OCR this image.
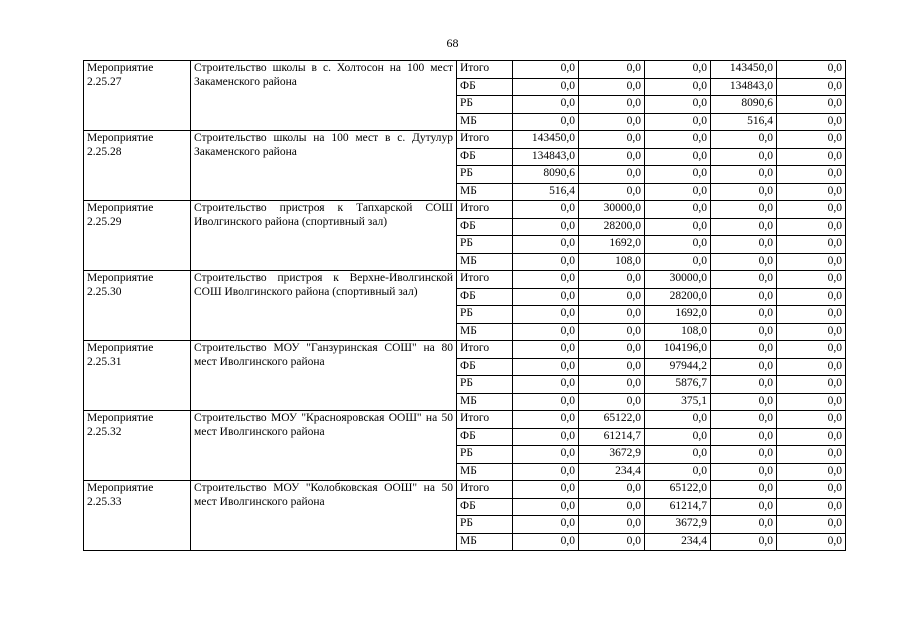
68
Мероприятие 2.25.27	Строительство школы в с. Холтосон на 100 мест Закаменского района	Итого	0,0	0,0	0,0	143450,0	0,0
		ФБ	0,0	0,0	0,0	134843,0	0,0
		РБ	0,0	0,0	0,0	8090,6	0,0
		МБ	0,0	0,0	0,0	516,4	0,0
Мероприятие 2.25.28	Строительство школы на 100 мест в с. Дутулур Закаменского района	Итого	143450,0	0,0	0,0	0,0	0,0
		ФБ	134843,0	0,0	0,0	0,0	0,0
		РБ	8090,6	0,0	0,0	0,0	0,0
		МБ	516,4	0,0	0,0	0,0	0,0
Мероприятие 2.25.29	Строительство пристроя к Тапхарской СОШ Иволгинского района (спортивный зал)	Итого	0,0	30000,0	0,0	0,0	0,0
		ФБ	0,0	28200,0	0,0	0,0	0,0
		РБ	0,0	1692,0	0,0	0,0	0,0
		МБ	0,0	108,0	0,0	0,0	0,0
Мероприятие 2.25.30	Строительство пристроя к Верхне-Иволгинской СОШ Иволгинского района (спортивный зал)	Итого	0,0	0,0	30000,0	0,0	0,0
		ФБ	0,0	0,0	28200,0	0,0	0,0
		РБ	0,0	0,0	1692,0	0,0	0,0
		МБ	0,0	0,0	108,0	0,0	0,0
Мероприятие 2.25.31	Строительство МОУ "Ганзуринская СОШ" на 80 мест Иволгинского района	Итого	0,0	0,0	104196,0	0,0	0,0
		ФБ	0,0	0,0	97944,2	0,0	0,0
		РБ	0,0	0,0	5876,7	0,0	0,0
		МБ	0,0	0,0	375,1	0,0	0,0
Мероприятие 2.25.32	Строительство МОУ "Краснояровская ООШ" на 50 мест Иволгинского района	Итого	0,0	65122,0	0,0	0,0	0,0
		ФБ	0,0	61214,7	0,0	0,0	0,0
		РБ	0,0	3672,9	0,0	0,0	0,0
		МБ	0,0	234,4	0,0	0,0	0,0
Мероприятие 2.25.33	Строительство МОУ "Колобковская ООШ" на 50 мест Иволгинского района	Итого	0,0	0,0	65122,0	0,0	0,0
		ФБ	0,0	0,0	61214,7	0,0	0,0
		РБ	0,0	0,0	3672,9	0,0	0,0
		МБ	0,0	0,0	234,4	0,0	0,0
